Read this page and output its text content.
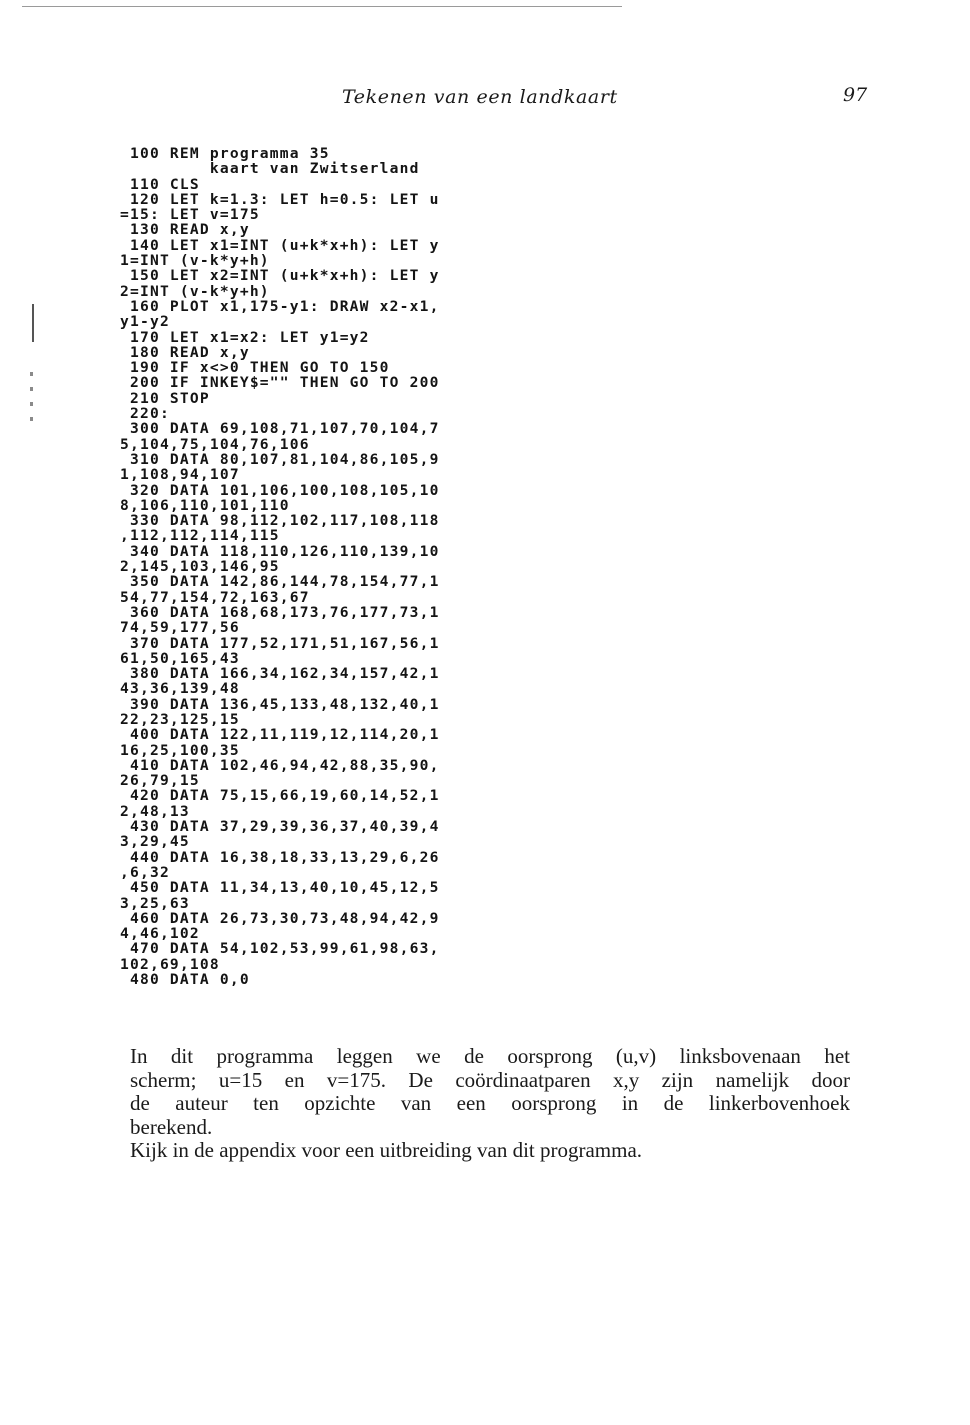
Tekenen van een landkaart	97
100 REM programma 35
kaart van Zwitserland
110 CLS
120 LET k=1.3: LET h=0.5: LET u
=15: LET v=175
130 READ x,y
140 LET x1=INT (u+k*x+h): LET y
1=INT (v-k*y+h)
150 LET x2=INT (u+k*x+h): LET y
2=INT (v-k*y+h)
160 PLOT x1,175-y1: DRAW x2-x1,
y1-y2
170 LET x1=x2: LET y1=y2
180 READ x,y
190 IF x<>0 THEN GO TO 150
200 IF INKEY$="" THEN GO TO 200
210 STOP
220:
300 DATA 69,108,71,107,70,104,7
5,104,75,104,76,106
310 DATA 80,107,81,104,86,105,9
1,108,94,107
320 DATA 101,106,100,108,105,10
8,106,110,101,110
330 DATA 98,112,102,117,108,118
,112,112,114,115
340 DATA 118,110,126,110,139,10
2,145,103,146,95
350 DATA 142,86,144,78,154,77,1
54,77,154,72,163,67
360 DATA 168,68,173,76,177,73,1
74,59,177,56
370 DATA 177,52,171,51,167,56,1
61,50,165,43
380 DATA 166,34,162,34,157,42,1
43,36,139,48
390 DATA 136,45,133,48,132,40,1
22,23,125,15
400 DATA 122,11,119,12,114,20,1
16,25,100,35
410 DATA 102,46,94,42,88,35,90,
26,79,15
420 DATA 75,15,66,19,60,14,52,1
2,48,13
430 DATA 37,29,39,36,37,40,39,4
3,29,45
440 DATA 16,38,18,33,13,29,6,26
,6,32
450 DATA 11,34,13,40,10,45,12,5
3,25,63
460 DATA 26,73,30,73,48,94,42,9
4,46,102
470 DATA 54,102,53,99,61,98,63,
102,69,108
480 DATA 0,0
In dit programma leggen we de oorsprong (u,v) linksbovenaan het
scherm; u=15 en v=175. De coördinaatparen x,y zijn namelijk door
de auteur ten opzichte van een oorsprong in de linkerbovenhoek
berekend.
Kijk in de appendix voor een uitbreiding van dit programma.
